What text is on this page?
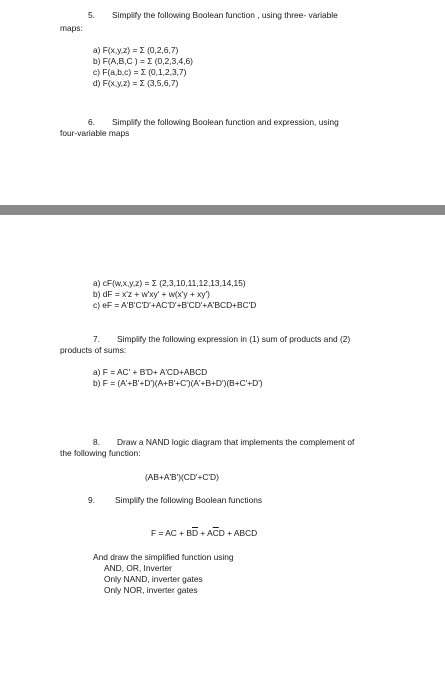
5. Simplify the following Boolean function , using three- variable
maps:
a) F(x,y,z) = Σ (0,2,6,7)
b) F(A,B,C ) = Σ (0,2,3,4,6)
c) F(a,b,c) = Σ (0,1,2,3,7)
d) F(x,y,z) = Σ (3,5,6,7)
6. Simplify the following Boolean function and expression, using
four-variable maps
a) cF(w,x,y,z) = Σ (2,3,10,11,12,13,14,15)
b) dF = x'z + w'xy' + w(x'y + xy')
c) eF = A'B'C'D'+AC'D'+B'CD'+A'BCD+BC'D
7. Simplify the following expression in (1) sum of products and (2)
products of sums:
a) F = AC' + B'D+ A'CD+ABCD
b) F = (A'+B'+D')(A+B'+C')(A'+B+D')(B+C'+D')
8. Draw a NAND logic diagram that implements the complement of
the following function:
(AB+A'B')(CD'+C'D)
9. Simplify the following Boolean functions
F = AC + $B\overline{D} + A\overline{C}D$ + ABCD
And draw the simplified function using
AND, OR, Inverter
Only NAND, inverter gates
Only NOR, inverter gates
